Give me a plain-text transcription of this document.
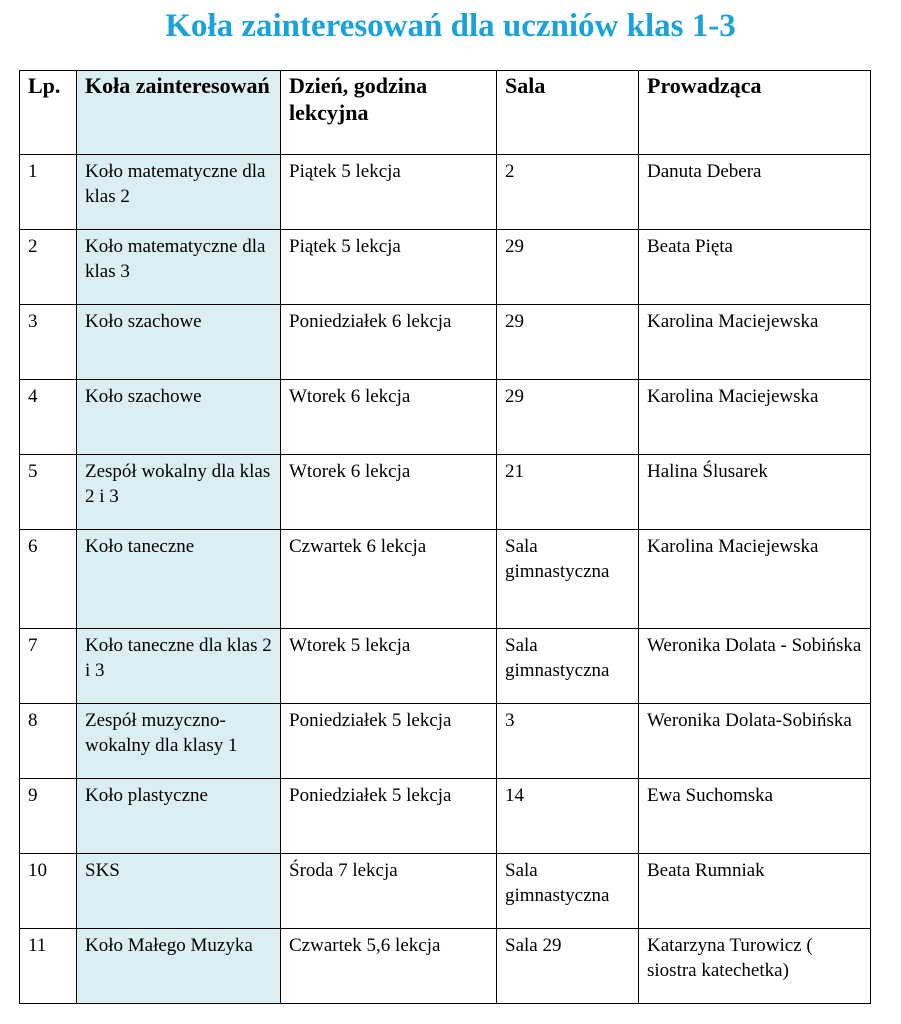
Koła zainteresowań dla uczniów klas 1-3
Lp.	Koła zainteresowań	Dzień, godzina lekcyjna	Sala	Prowadząca
1	Koło matematyczne dla klas 2	Piątek 5 lekcja	2	Danuta Debera
2	Koło matematyczne dla klas 3	Piątek 5 lekcja	29	Beata Pięta
3	Koło szachowe	Poniedziałek 6 lekcja	29	Karolina Maciejewska
4	Koło szachowe	Wtorek 6 lekcja	29	Karolina Maciejewska
5	Zespół wokalny dla klas 2 i 3	Wtorek 6 lekcja	21	Halina Ślusarek
6	Koło taneczne	Czwartek 6 lekcja	Sala gimnastyczna	Karolina Maciejewska
7	Koło taneczne dla klas 2 i 3	Wtorek 5 lekcja	Sala gimnastyczna	Weronika Dolata - Sobińska
8	Zespół muzyczno-wokalny dla klasy 1	Poniedziałek 5 lekcja	3	Weronika Dolata-Sobińska
9	Koło plastyczne	Poniedziałek 5 lekcja	14	Ewa Suchomska
10	SKS	Środa 7 lekcja	Sala gimnastyczna	Beata Rumniak
11	Koło Małego Muzyka	Czwartek 5,6 lekcja	Sala 29	Katarzyna Turowicz ( siostra katechetka)
